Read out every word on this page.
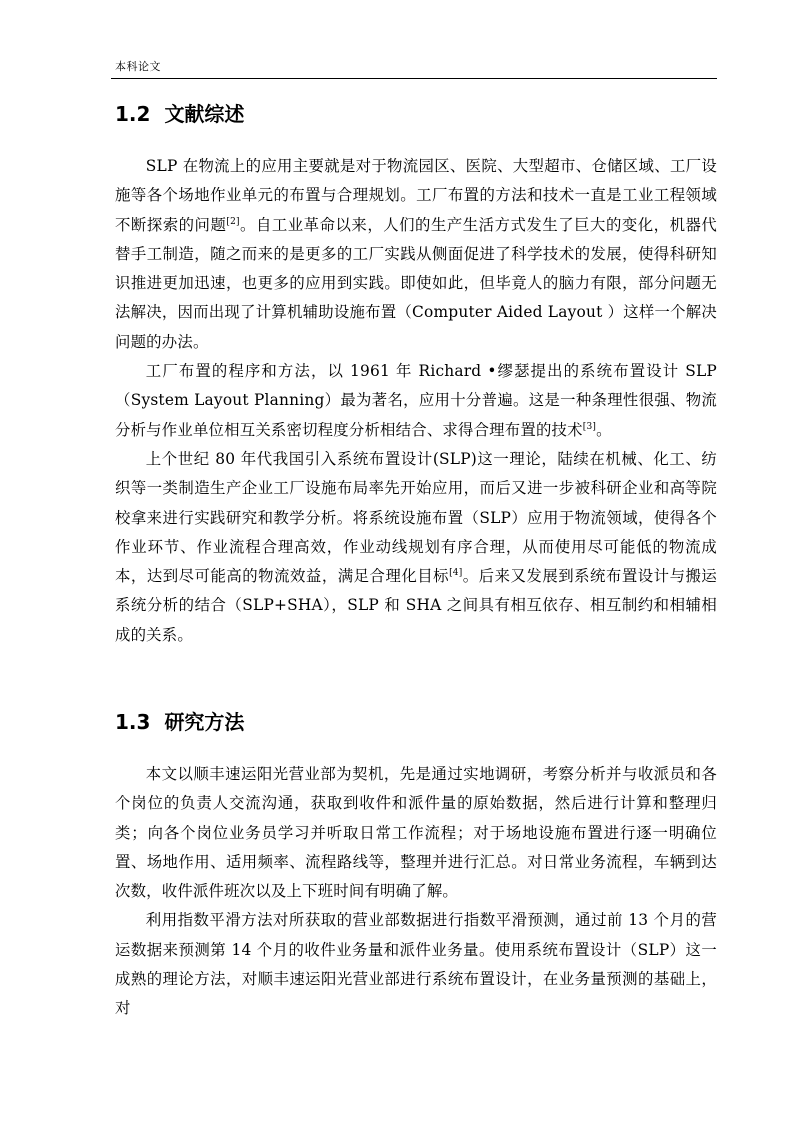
本科论文
1.2 文献综述

SLP 在物流上的应用主要就是对于物流园区、医院、大型超市、仓储区域、工厂设施等各个场地作业单元的布置与合理规划。工厂布置的方法和技术一直是工业工程领域不断探索的问题[2]。自工业革命以来，人们的生产生活方式发生了巨大的变化，机器代替手工制造，随之而来的是更多的工厂实践从侧面促进了科学技术的发展，使得科研知识推进更加迅速，也更多的应用到实践。即使如此，但毕竟人的脑力有限，部分问题无法解决，因而出现了计算机辅助设施布置（Computer Aided Layout ）这样一个解决问题的办法。

工厂布置的程序和方法，以 1961 年 Richard •缪瑟提出的系统布置设计 SLP（System Layout Planning）最为著名，应用十分普遍。这是一种条理性很强、物流分析与作业单位相互关系密切程度分析相结合、求得合理布置的技术[3]。

上个世纪 80 年代我国引入系统布置设计(SLP)这一理论，陆续在机械、化工、纺织等一类制造生产企业工厂设施布局率先开始应用，而后又进一步被科研企业和高等院校拿来进行实践研究和教学分析。将系统设施布置（SLP）应用于物流领域，使得各个作业环节、作业流程合理高效，作业动线规划有序合理，从而使用尽可能低的物流成本，达到尽可能高的物流效益，满足合理化目标[4]。后来又发展到系统布置设计与搬运系统分析的结合（SLP+SHA），SLP 和 SHA 之间具有相互依存、相互制约和相辅相成的关系。

1.3 研究方法

本文以顺丰速运阳光营业部为契机，先是通过实地调研，考察分析并与收派员和各个岗位的负责人交流沟通，获取到收件和派件量的原始数据，然后进行计算和整理归类；向各个岗位业务员学习并听取日常工作流程；对于场地设施布置进行逐一明确位置、场地作用、适用频率、流程路线等，整理并进行汇总。对日常业务流程，车辆到达次数，收件派件班次以及上下班时间有明确了解。

利用指数平滑方法对所获取的营业部数据进行指数平滑预测，通过前 13 个月的营运数据来预测第 14 个月的收件业务量和派件业务量。使用系统布置设计（SLP）这一成熟的理论方法，对顺丰速运阳光营业部进行系统布置设计，在业务量预测的基础上，对
